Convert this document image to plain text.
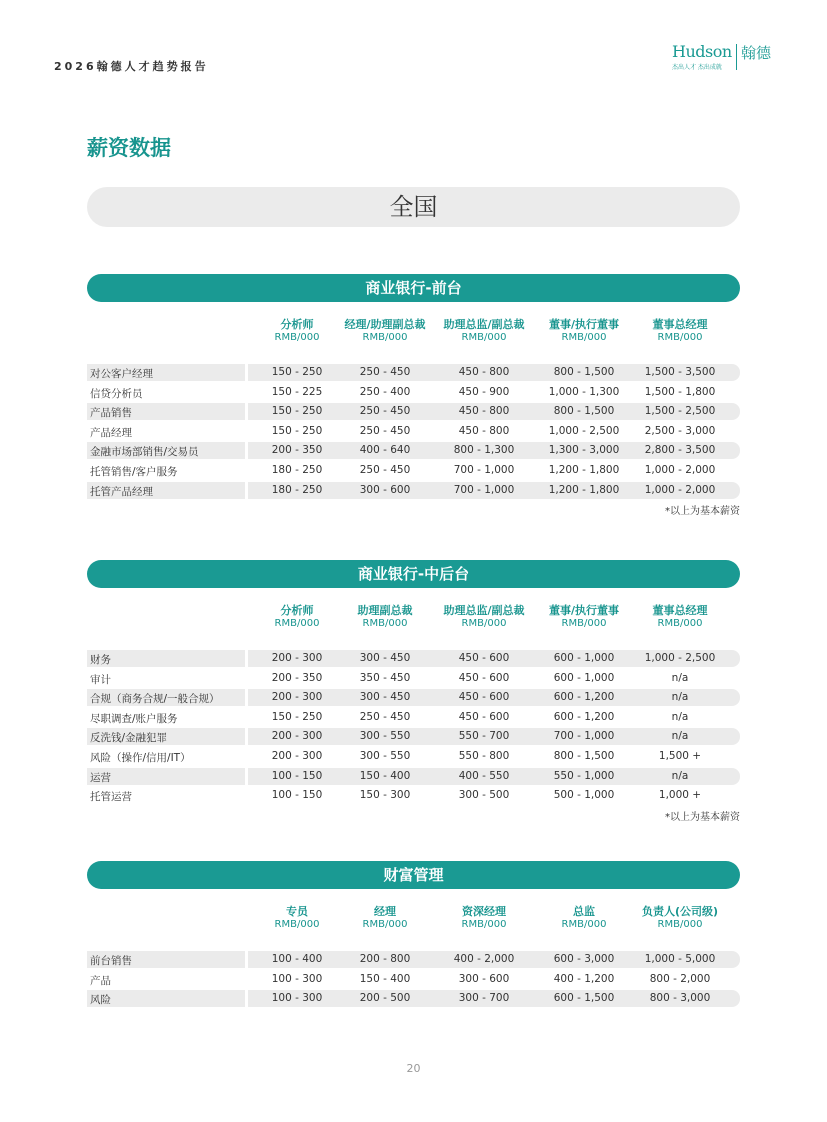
2026翰德人才趋势报告
Hudson 翰德
杰出人才 杰出成就
薪资数据
全国
商业银行-前台
分析师
RMB/000
经理/助理副总裁
RMB/000
助理总监/副总裁
RMB/000
董事/执行董事
RMB/000
董事总经理
RMB/000
对公客户经理	150 - 250	250 - 450	450 - 800	800 - 1,500	1,500 - 3,500
信贷分析员	150 - 225	250 - 400	450 - 900	1,000 - 1,300	1,500 - 1,800
产品销售	150 - 250	250 - 450	450 - 800	800 - 1,500	1,500 - 2,500
产品经理	150 - 250	250 - 450	450 - 800	1,000 - 2,500	2,500 - 3,000
金融市场部销售/交易员	200 - 350	400 - 640	800 - 1,300	1,300 - 3,000	2,800 - 3,500
托管销售/客户服务	180 - 250	250 - 450	700 - 1,000	1,200 - 1,800	1,000 - 2,000
托管产品经理	180 - 250	300 - 600	700 - 1,000	1,200 - 1,800	1,000 - 2,000
*以上为基本薪资
商业银行-中后台
分析师
RMB/000
助理副总裁
RMB/000
助理总监/副总裁
RMB/000
董事/执行董事
RMB/000
董事总经理
RMB/000
财务	200 - 300	300 - 450	450 - 600	600 - 1,000	1,000 - 2,500
审计	200 - 350	350 - 450	450 - 600	600 - 1,000	n/a
合规（商务合规/一般合规）	200 - 300	300 - 450	450 - 600	600 - 1,200	n/a
尽职调查/账户服务	150 - 250	250 - 450	450 - 600	600 - 1,200	n/a
反洗钱/金融犯罪	200 - 300	300 - 550	550 - 700	700 - 1,000	n/a
风险（操作/信用/IT）	200 - 300	300 - 550	550 - 800	800 - 1,500	1,500 +
运营	100 - 150	150 - 400	400 - 550	550 - 1,000	n/a
托管运营	100 - 150	150 - 300	300 - 500	500 - 1,000	1,000 +
*以上为基本薪资
财富管理
专员
RMB/000
经理
RMB/000
资深经理
RMB/000
总监
RMB/000
负责人(公司级)
RMB/000
前台销售	100 - 400	200 - 800	400 - 2,000	600 - 3,000	1,000 - 5,000
产品	100 - 300	150 - 400	300 - 600	400 - 1,200	800 - 2,000
风险	100 - 300	200 - 500	300 - 700	600 - 1,500	800 - 3,000
20
